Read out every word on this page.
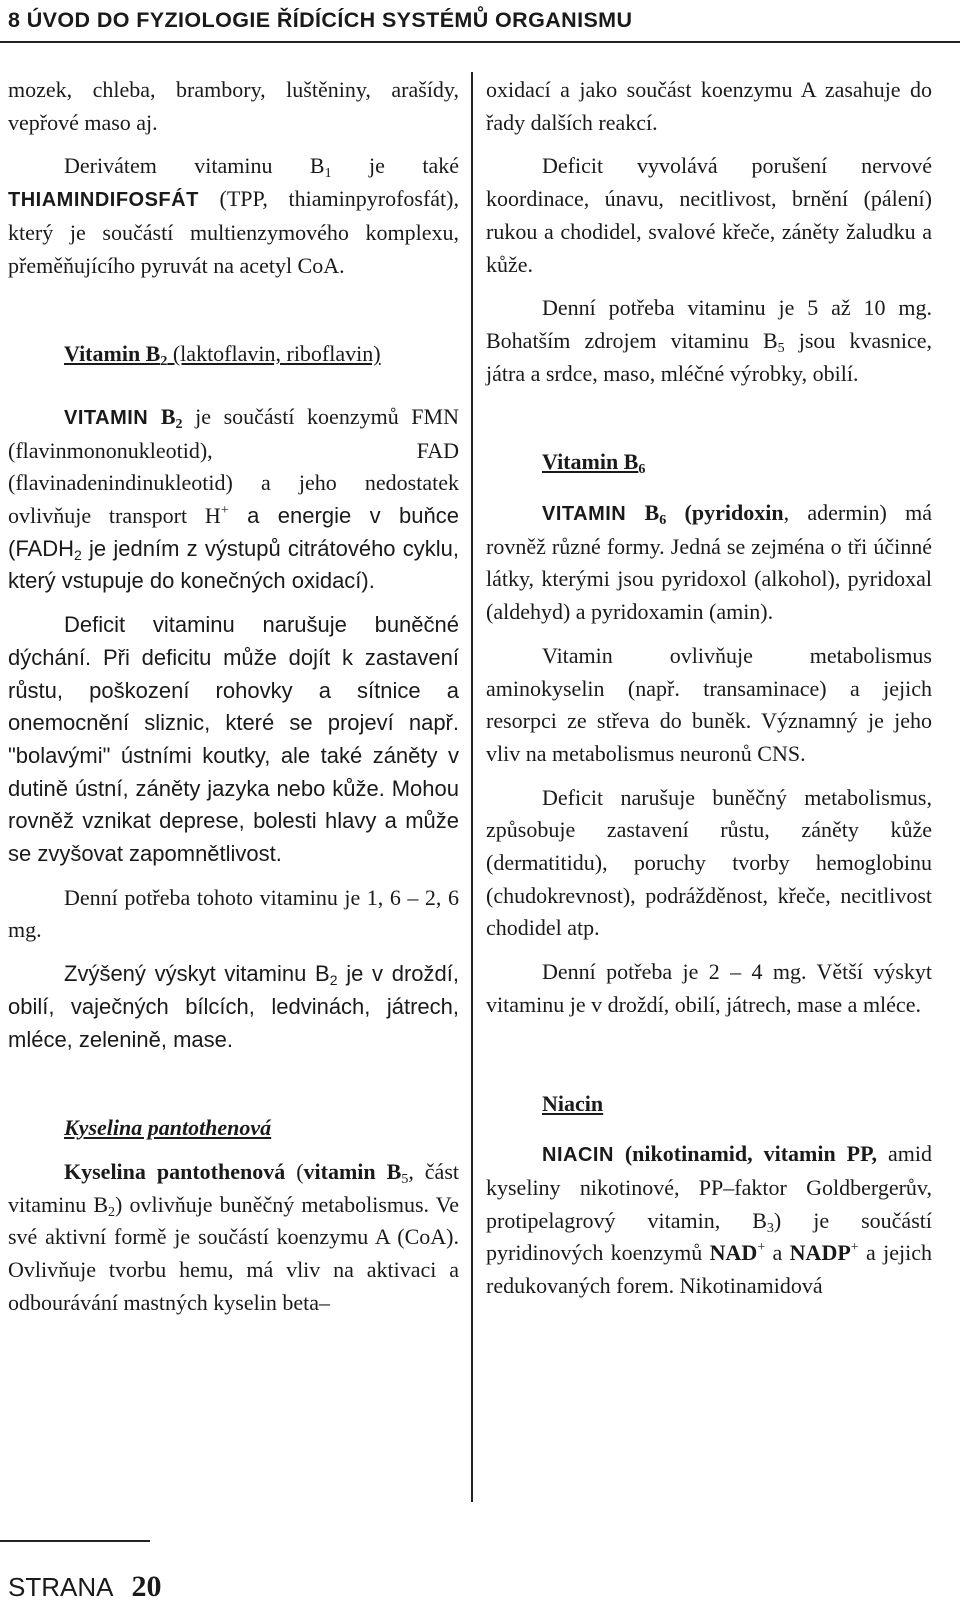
8 ÚVOD DO FYZIOLOGIE ŘÍDÍCÍCH SYSTÉMŮ ORGANISMU

mozek, chleba, brambory, luštěniny, arašídy, vepřové maso aj.

Derivátem vitaminu $B_1$ je také THIAMINDIFOSFÁT (TPP, thiaminpyrofosfát), který je součástí multienzymového komplexu, přeměňujícího pyruvát na acetyl CoA.

Vitamin $B_2$ (laktoflavin, riboflavin)

VITAMIN $B_2$ je součástí koenzymů FMN (flavinmononukleotid), FAD (flavinadenindinukleotid) a jeho nedostatek ovlivňuje transport H+ a energie v buňce ($FADH_2$ je jedním z výstupů citrátového cyklu, který vstupuje do konečných oxidací).

Deficit vitaminu narušuje buněčné dýchání. Při deficitu může dojít k zastavení růstu, poškození rohovky a sítnice a onemocnění sliznic, které se projeví např. "bolavými" ústními koutky, ale také záněty v dutině ústní, záněty jazyka nebo kůže. Mohou rovněž vznikat deprese, bolesti hlavy a může se zvyšovat zapomnětlivost.

Denní potřeba tohoto vitaminu je 1, 6 – 2, 6 mg.

Zvýšený výskyt vitaminu $B_2$ je v droždí, obilí, vaječných bílcích, ledvinách, játrech, mléce, zelenině, mase.

Kyselina pantothenová

Kyselina pantothenová (vitamin $B_5$, část vitaminu $B_2$) ovlivňuje buněčný metabolismus. Ve své aktivní formě je součástí koenzymu A (CoA). Ovlivňuje tvorbu hemu, má vliv na aktivaci a odbourávání mastných kyselin beta–

oxidací a jako součást koenzymu A zasahuje do řady dalších reakcí.

Deficit vyvolává porušení nervové koordinace, únavu, necitlivost, brnění (pálení) rukou a chodidel, svalové křeče, záněty žaludku a kůže.

Denní potřeba vitaminu je 5 až 10 mg. Bohatším zdrojem vitaminu $B_5$ jsou kvasnice, játra a srdce, maso, mléčné výrobky, obilí.

Vitamin $B_6$

VITAMIN $B_6$ (pyridoxin, adermin) má rovněž různé formy. Jedná se zejména o tři účinné látky, kterými jsou pyridoxol (alkohol), pyridoxal (aldehyd) a pyridoxamin (amin).

Vitamin ovlivňuje metabolismus aminokyselin (např. transaminace) a jejich resorpci ze střeva do buněk. Významný je jeho vliv na metabolismus neuronů CNS.

Deficit narušuje buněčný metabolismus, způsobuje zastavení růstu, záněty kůže (dermatitidu), poruchy tvorby hemoglobinu (chudokrevnost), podrážděnost, křeče, necitlivost chodidel atp.

Denní potřeba je 2 – 4 mg. Větší výskyt vitaminu je v droždí, obilí, játrech, mase a mléce.

Niacin

NIACIN (nikotinamid, vitamin PP, amid kyseliny nikotinové, PP–faktor Goldbergerův, protipelagrový vitamin, $B_3$) je součástí pyridinových koenzymů NAD+ a NADP+ a jejich redukovaných forem. Nikotinamidová

STRANA 20
